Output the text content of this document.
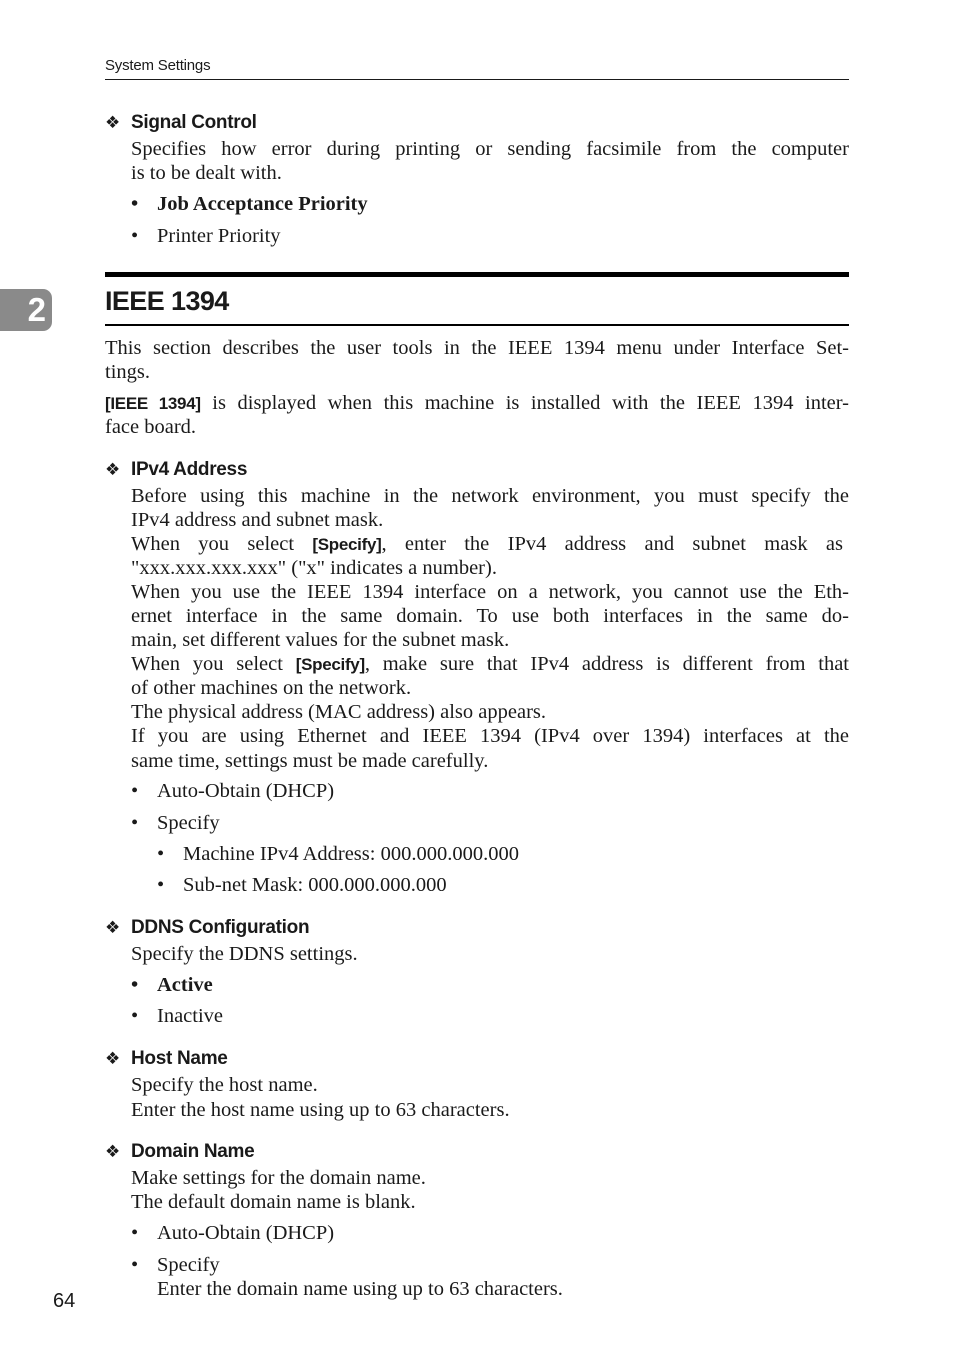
System Settings
2
❖ Signal Control
Specifies how error during printing or sending facsimile from the computer
is to be dealt with.
• Job Acceptance Priority
• Printer Priority
IEEE 1394
This section describes the user tools in the IEEE 1394 menu under Interface Set-
tings.
[IEEE 1394] is displayed when this machine is installed with the IEEE 1394 inter-
face board.
❖ IPv4 Address
Before using this machine in the network environment, you must specify the
IPv4 address and subnet mask.
When you select [Specify], enter the IPv4 address and subnet mask as
"xxx.xxx.xxx.xxx" ("x" indicates a number).
When you use the IEEE 1394 interface on a network, you cannot use the Eth-
ernet interface in the same domain. To use both interfaces in the same do-
main, set different values for the subnet mask.
When you select [Specify], make sure that IPv4 address is different from that
of other machines on the network.
The physical address (MAC address) also appears.
If you are using Ethernet and IEEE 1394 (IPv4 over 1394) interfaces at the
same time, settings must be made carefully.
• Auto-Obtain (DHCP)
• Specify
• Machine IPv4 Address: 000.000.000.000
• Sub-net Mask: 000.000.000.000
❖ DDNS Configuration
Specify the DDNS settings.
• Active
• Inactive
❖ Host Name
Specify the host name.
Enter the host name using up to 63 characters.
❖ Domain Name
Make settings for the domain name.
The default domain name is blank.
• Auto-Obtain (DHCP)
• Specify
Enter the domain name using up to 63 characters.
64
